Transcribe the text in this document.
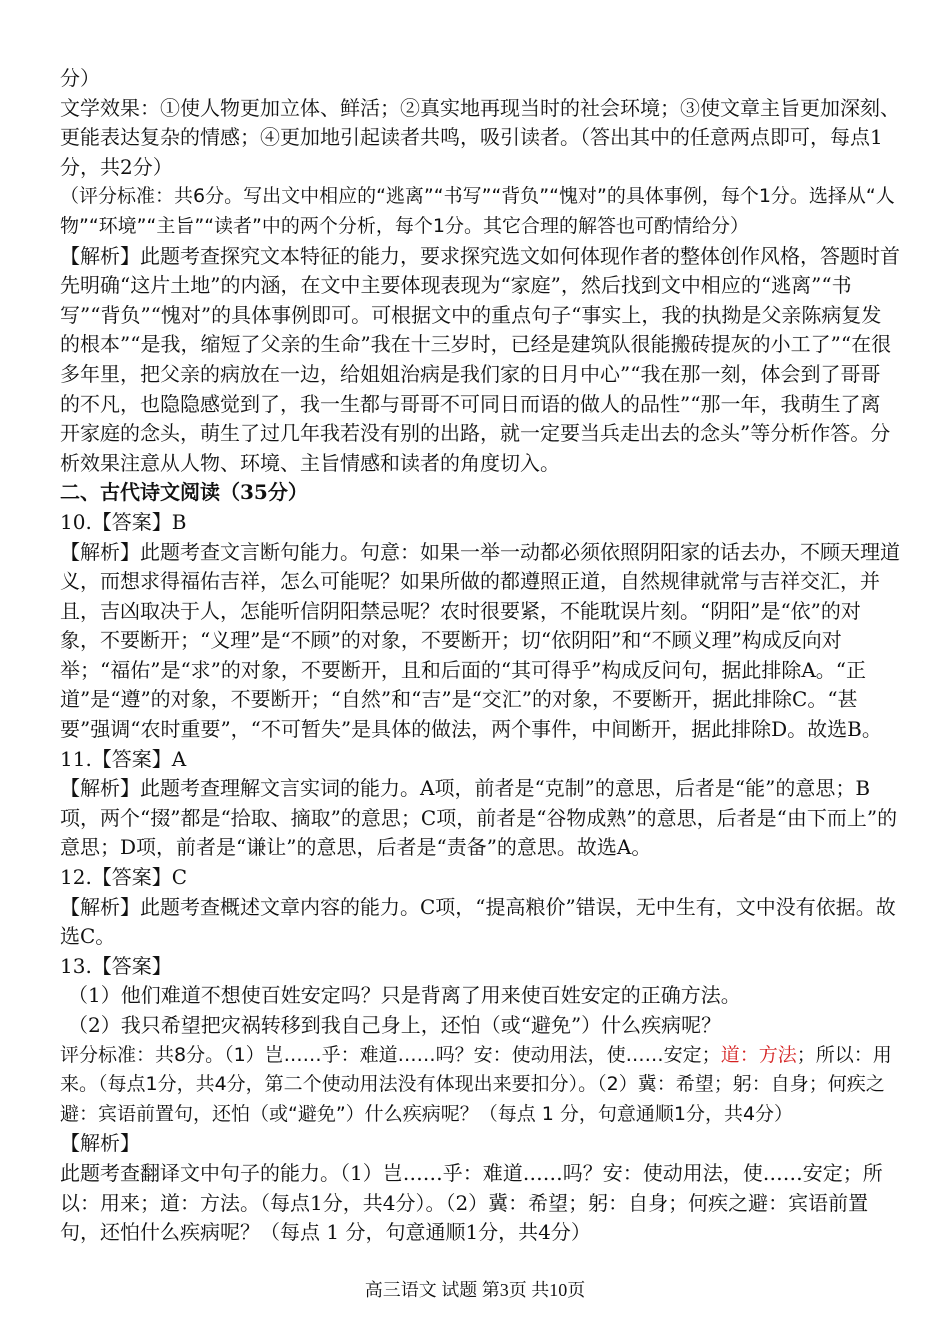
分）

文学效果：①使人物更加立体、鲜活；②真实地再现当时的社会环境；③使文章主旨更加深刻、更能表达复杂的情感；④更加地引起读者共鸣，吸引读者。（答出其中的任意两点即可，每点1分，共2分）

（评分标准：共6分。写出文中相应的“逃离”“书写”“背负”“愧对”的具体事例，每个1分。选择从“人物”“环境”“主旨”“读者”中的两个分析，每个1分。其它合理的解答也可酌情给分）

【解析】此题考查探究文本特征的能力，要求探究选文如何体现作者的整体创作风格，答题时首先明确“这片土地”的内涵，在文中主要体现表现为“家庭”，然后找到文中相应的“逃离”“书写”“背负”“愧对”的具体事例即可。可根据文中的重点句子“事实上，我的执拗是父亲陈病复发的根本”“是我，缩短了父亲的生命”我在十三岁时，已经是建筑队很能搬砖提灰的小工了”“在很多年里，把父亲的病放在一边，给姐姐治病是我们家的日月中心”“我在那一刻，体会到了哥哥的不凡，也隐隐感觉到了，我一生都与哥哥不可同日而语的做人的品性”“那一年，我萌生了离开家庭的念头，萌生了过几年我若没有别的出路，就一定要当兵走出去的念头”等分析作答。分析效果注意从人物、环境、主旨情感和读者的角度切入。

二、古代诗文阅读（35分）

10.【答案】B

【解析】此题考查文言断句能力。句意：如果一举一动都必须依照阴阳家的话去办，不顾天理道义，而想求得福佑吉祥，怎么可能呢？如果所做的都遵照正道，自然规律就常与吉祥交汇，并且，吉凶取决于人，怎能听信阴阳禁忌呢？农时很要紧，不能耽误片刻。“阴阳”是“依”的对象，不要断开；“义理”是“不顾”的对象，不要断开；切“依阴阳”和“不顾义理”构成反向对举；“福佑”是“求”的对象，不要断开，且和后面的“其可得乎”构成反问句，据此排除A。“正道”是“遵”的对象，不要断开；“自然”和“吉”是“交汇”的对象，不要断开，据此排除C。“甚要”强调“农时重要”，“不可暂失”是具体的做法，两个事件，中间断开，据此排除D。故选B。

11.【答案】A

【解析】此题考查理解文言实词的能力。A项，前者是“克制”的意思，后者是“能”的意思；B项，两个“掇”都是“拾取、摘取”的意思；C项，前者是“谷物成熟”的意思，后者是“由下而上”的意思；D项，前者是“谦让”的意思，后者是“责备”的意思。故选A。

12.【答案】C

【解析】此题考查概述文章内容的能力。C项，“提高粮价”错误，无中生有，文中没有依据。故选C。

13.【答案】

（1）他们难道不想使百姓安定吗？只是背离了用来使百姓安定的正确方法。

（2）我只希望把灾祸转移到我自己身上，还怕（或“避免”）什么疾病呢？

评分标准：共8分。（1）岂……乎：难道……吗？安：使动用法，使……安定；道：方法；所以：用来。（每点1分，共4分，第二个使动用法没有体现出来要扣分）。（2）冀：希望；躬：自身；何疾之避：宾语前置句，还怕（或“避免”）什么疾病呢？（每点 1 分，句意通顺1分，共4分）

【解析】

此题考查翻译文中句子的能力。（1）岂……乎：难道……吗？安：使动用法，使……安定；所以：用来；道：方法。（每点1分，共4分）。（2）冀：希望；躬：自身；何疾之避：宾语前置句，还怕什么疾病呢？（每点 1 分，句意通顺1分，共4分）

高三语文 试题 第3页 共10页
